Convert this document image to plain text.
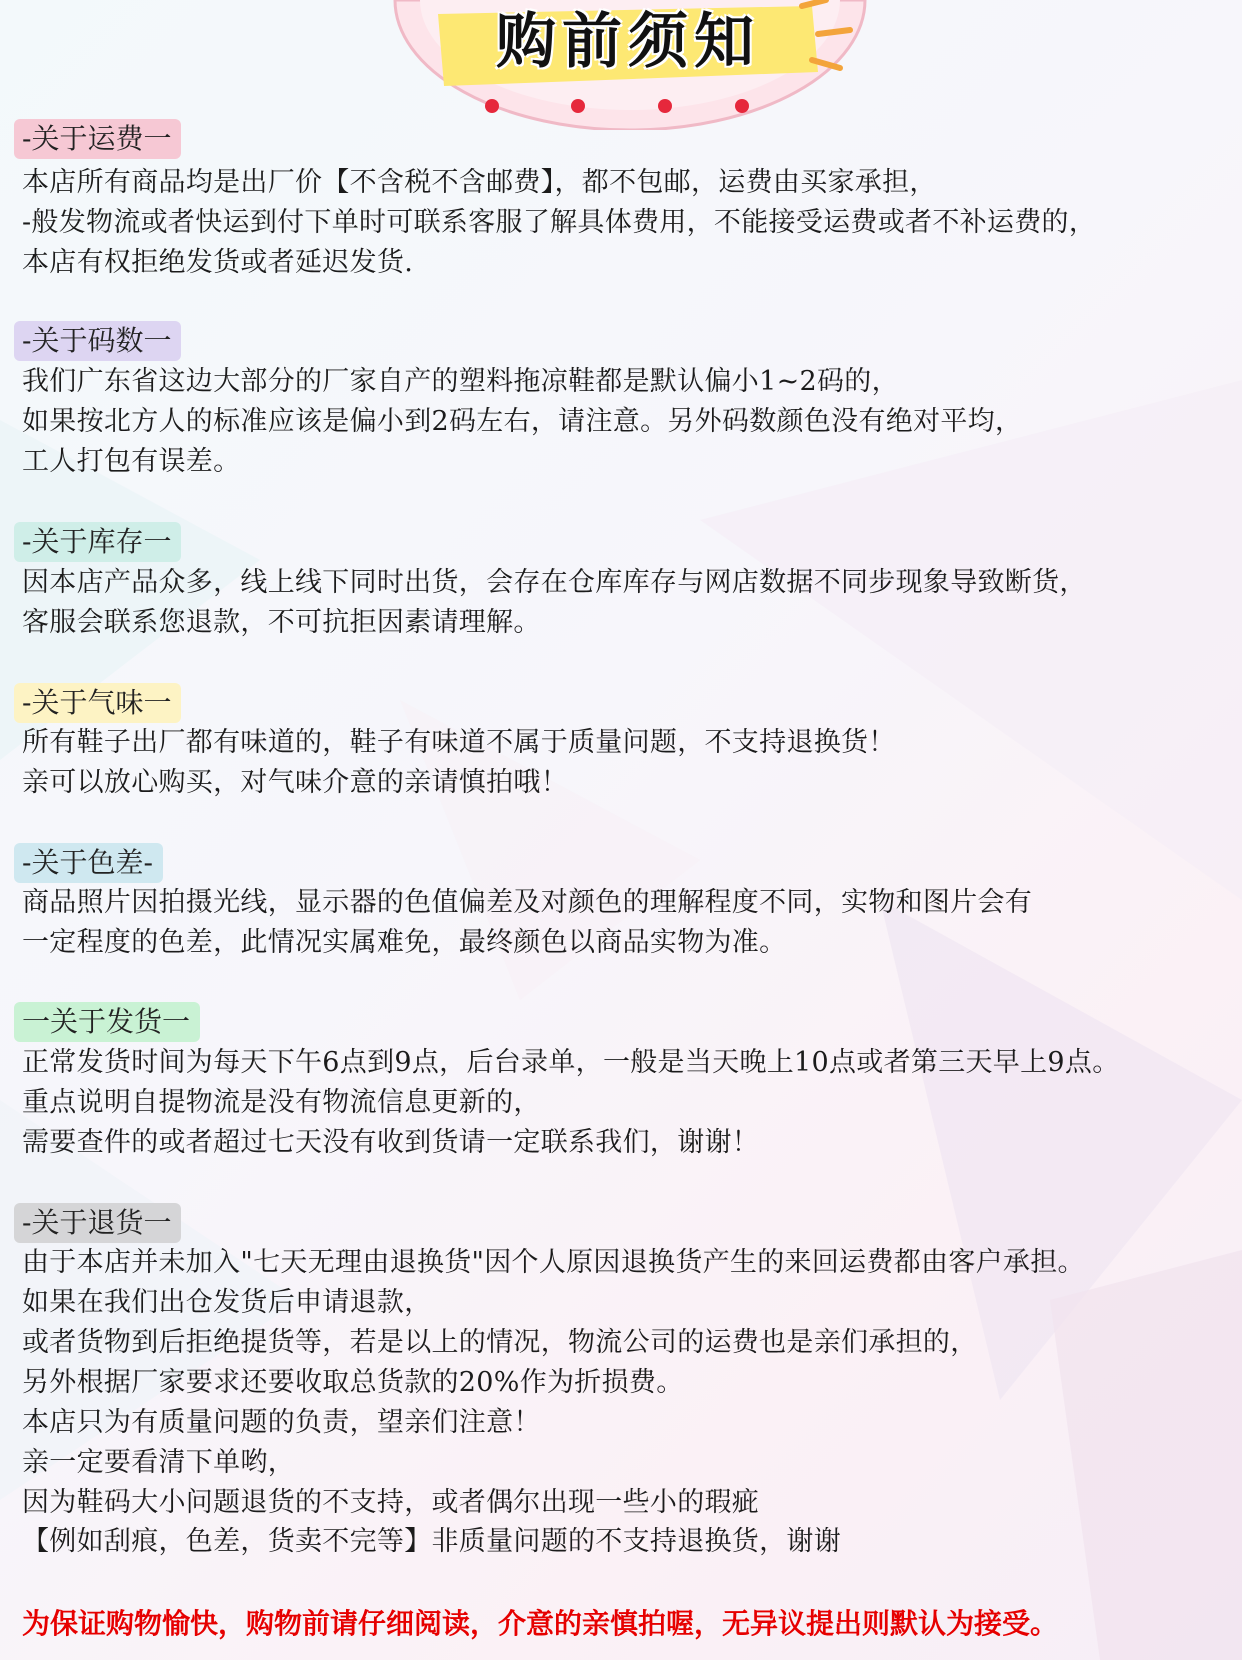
购前须知
-关于运费一
本店所有商品均是出厂价【不含税不含邮费】，都不包邮，运费由买家承担，
-般发物流或者快运到付下单时可联系客服了解具体费用，不能接受运费或者不补运费的，
本店有权拒绝发货或者延迟发货.
-关于码数一
我们广东省这边大部分的厂家自产的塑料拖凉鞋都是默认偏小1~2码的，
如果按北方人的标准应该是偏小到2码左右，请注意。另外码数颜色没有绝对平均，
工人打包有误差。
-关于库存一
因本店产品众多，线上线下同时出货，会存在仓库库存与网店数据不同步现象导致断货，
客服会联系您退款，不可抗拒因素请理解。
-关于气味一
所有鞋子出厂都有味道的，鞋子有味道不属于质量问题，不支持退换货！
亲可以放心购买，对气味介意的亲请慎拍哦！
-关于色差-
商品照片因拍摄光线，显示器的色值偏差及对颜色的理解程度不同，实物和图片会有
一定程度的色差，此情况实属难免，最终颜色以商品实物为准。
一关于发货一
正常发货时间为每天下午6点到9点，后台录单，一般是当天晚上10点或者第三天早上9点。
重点说明自提物流是没有物流信息更新的，
需要查件的或者超过七天没有收到货请一定联系我们，谢谢！
-关于退货一
由于本店并未加入"七天无理由退换货"因个人原因退换货产生的来回运费都由客户承担。
如果在我们出仓发货后申请退款，
或者货物到后拒绝提货等，若是以上的情况，物流公司的运费也是亲们承担的，
另外根据厂家要求还要收取总货款的20%作为折损费。
本店只为有质量问题的负责，望亲们注意！
亲一定要看清下单哟，
因为鞋码大小问题退货的不支持，或者偶尔出现一些小的瑕疵
【例如刮痕，色差，货卖不完等】非质量问题的不支持退换货，谢谢
为保证购物愉快，购物前请仔细阅读，介意的亲慎拍喔，无异议提出则默认为接受。
